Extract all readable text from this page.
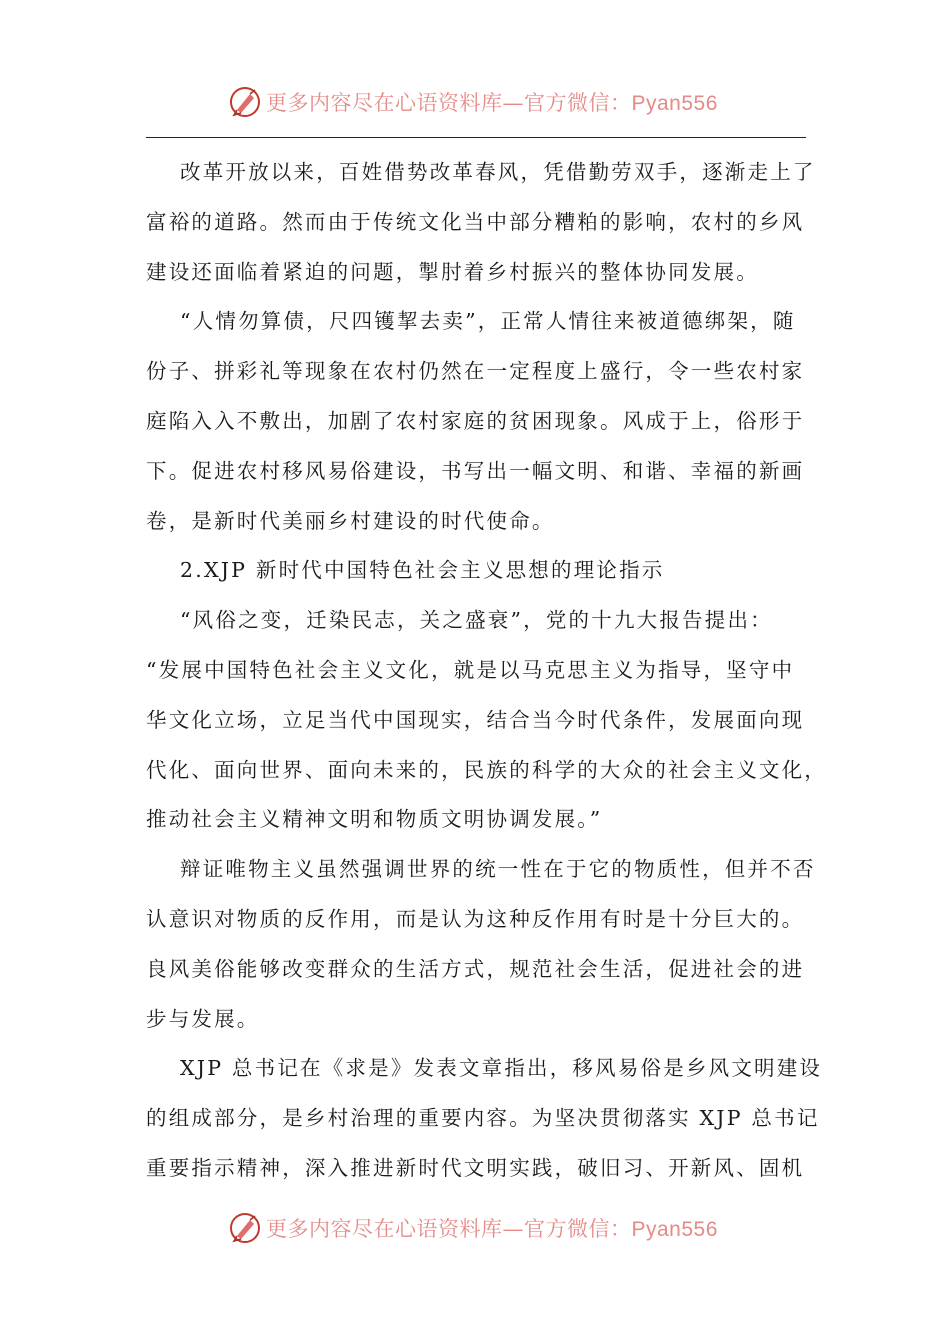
更多内容尽在心语资料库—官方微信：Pyan556
改革开放以来，百姓借势改革春风，凭借勤劳双手，逐渐走上了
富裕的道路。然而由于传统文化当中部分糟粕的影响，农村的乡风
建设还面临着紧迫的问题，掣肘着乡村振兴的整体协同发展。
“人情勿算债，尺四镬挈去卖”，正常人情往来被道德绑架，随
份子、拼彩礼等现象在农村仍然在一定程度上盛行，令一些农村家
庭陷入入不敷出，加剧了农村家庭的贫困现象。风成于上，俗形于
下。促进农村移风易俗建设，书写出一幅文明、和谐、幸福的新画
卷，是新时代美丽乡村建设的时代使命。
2.XJP 新时代中国特色社会主义思想的理论指示
“风俗之变，迁染民志，关之盛衰”，党的十九大报告提出：
“发展中国特色社会主义文化，就是以马克思主义为指导，坚守中
华文化立场，立足当代中国现实，结合当今时代条件，发展面向现
代化、面向世界、面向未来的，民族的科学的大众的社会主义文化，
推动社会主义精神文明和物质文明协调发展。”
辩证唯物主义虽然强调世界的统一性在于它的物质性，但并不否
认意识对物质的反作用，而是认为这种反作用有时是十分巨大的。
良风美俗能够改变群众的生活方式，规范社会生活，促进社会的进
步与发展。
XJP 总书记在《求是》发表文章指出，移风易俗是乡风文明建设
的组成部分，是乡村治理的重要内容。为坚决贯彻落实 XJP 总书记
重要指示精神，深入推进新时代文明实践，破旧习、开新风、固机
更多内容尽在心语资料库—官方微信：Pyan556
